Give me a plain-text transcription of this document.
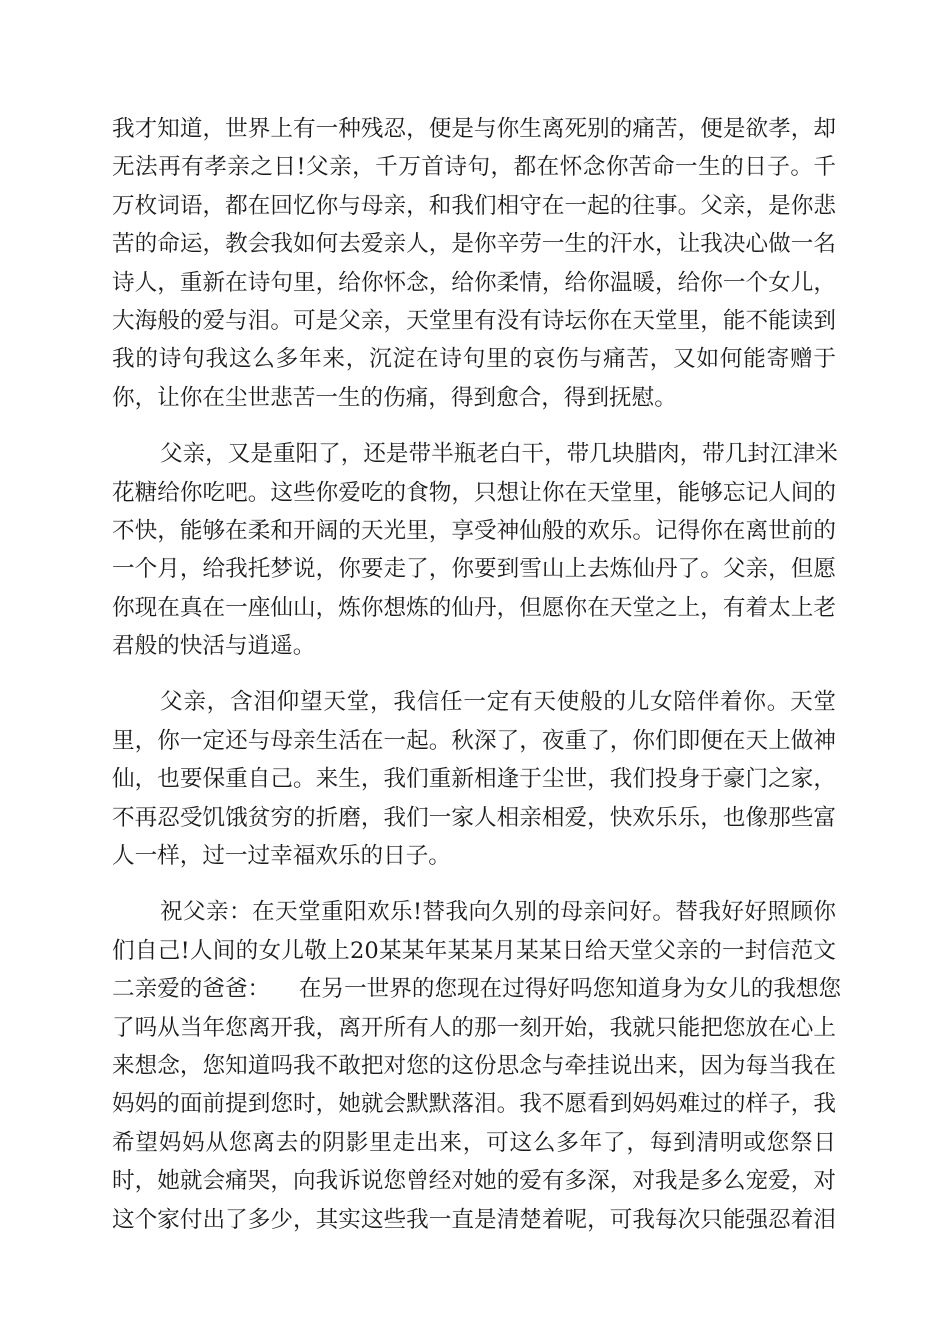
我才知道，世界上有一种残忍，便是与你生离死别的痛苦，便是欲孝，却
无法再有孝亲之日!父亲，千万首诗句，都在怀念你苦命一生的日子。千
万枚词语，都在回忆你与母亲，和我们相守在一起的往事。父亲，是你悲
苦的命运，教会我如何去爱亲人，是你辛劳一生的汗水，让我决心做一名
诗人，重新在诗句里，给你怀念，给你柔情，给你温暖，给你一个女儿，
大海般的爱与泪。可是父亲，天堂里有没有诗坛你在天堂里，能不能读到
我的诗句我这么多年来，沉淀在诗句里的哀伤与痛苦，又如何能寄赠于
你，让你在尘世悲苦一生的伤痛，得到愈合，得到抚慰。
父亲，又是重阳了，还是带半瓶老白干，带几块腊肉，带几封江津米
花糖给你吃吧。这些你爱吃的食物，只想让你在天堂里，能够忘记人间的
不快，能够在柔和开阔的天光里，享受神仙般的欢乐。记得你在离世前的
一个月，给我托梦说，你要走了，你要到雪山上去炼仙丹了。父亲，但愿
你现在真在一座仙山，炼你想炼的仙丹，但愿你在天堂之上，有着太上老
君般的快活与逍遥。
父亲，含泪仰望天堂，我信任一定有天使般的儿女陪伴着你。天堂
里，你一定还与母亲生活在一起。秋深了，夜重了，你们即便在天上做神
仙，也要保重自己。来生，我们重新相逢于尘世，我们投身于豪门之家，
不再忍受饥饿贫穷的折磨，我们一家人相亲相爱，快欢乐乐，也像那些富
人一样，过一过幸福欢乐的日子。
祝父亲：在天堂重阳欢乐!替我向久别的母亲问好。替我好好照顾你
们自己!人间的女儿敬上20某某年某某月某某日给天堂父亲的一封信范文
二亲爱的爸爸：    在另一世界的您现在过得好吗您知道身为女儿的我想您
了吗从当年您离开我，离开所有人的那一刻开始，我就只能把您放在心上
来想念，您知道吗我不敢把对您的这份思念与牵挂说出来，因为每当我在
妈妈的面前提到您时，她就会默默落泪。我不愿看到妈妈难过的样子，我
希望妈妈从您离去的阴影里走出来，可这么多年了，每到清明或您祭日
时，她就会痛哭，向我诉说您曾经对她的爱有多深，对我是多么宠爱，对
这个家付出了多少，其实这些我一直是清楚着呢，可我每次只能强忍着泪
